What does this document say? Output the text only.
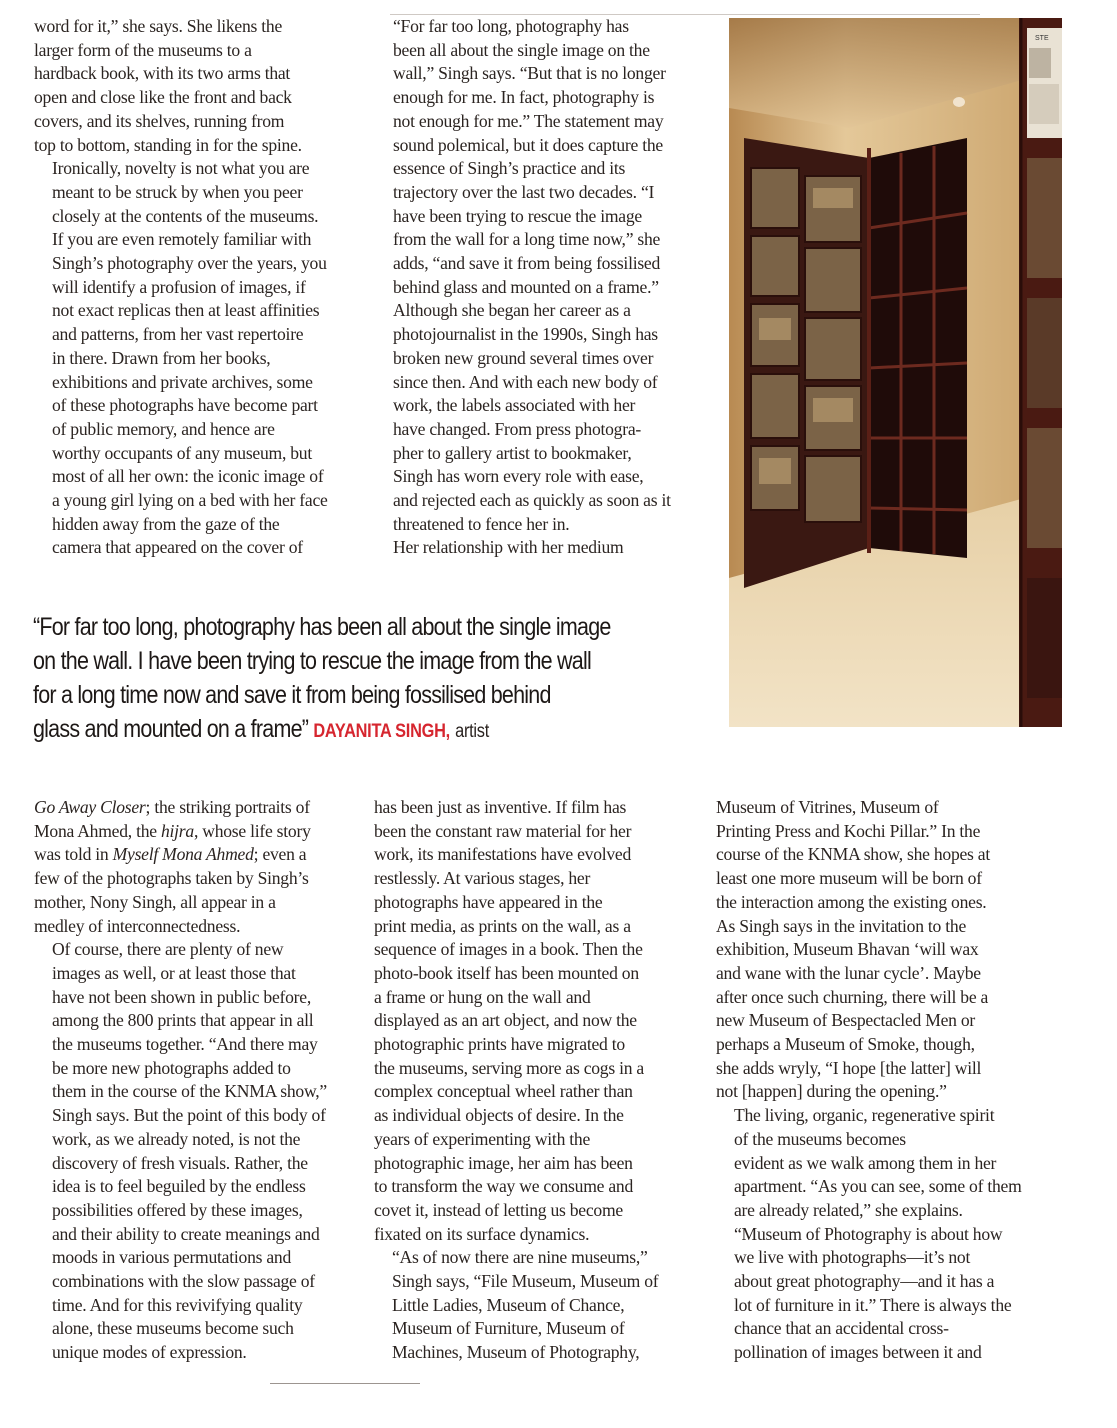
word for it,” she says. She likens the
larger form of the museums to a
hardback book, with its two arms that
open and close like the front and back
covers, and its shelves, running from
top to bottom, standing in for the spine.

Ironically, novelty is not what you are
meant to be struck by when you peer
closely at the contents of the museums.
If you are even remotely familiar with
Singh’s photography over the years, you
will identify a profusion of images, if
not exact replicas then at least affinities
and patterns, from her vast repertoire
in there. Drawn from her books,
exhibitions and private archives, some
of these photographs have become part
of public memory, and hence are
worthy occupants of any museum, but
most of all her own: the iconic image of
a young girl lying on a bed with her face
hidden away from the gaze of the
camera that appeared on the cover of

“For far too long, photography has
been all about the single image on the
wall,” Singh says. “But that is no longer
enough for me. In fact, photography is
not enough for me.” The statement may
sound polemical, but it does capture the
essence of Singh’s practice and its
trajectory over the last two decades. “I
have been trying to rescue the image
from the wall for a long time now,” she
adds, “and save it from being fossilised
behind glass and mounted on a frame.”

Although she began her career as a
photojournalist in the 1990s, Singh has
broken new ground several times over
since then. And with each new body of
work, the labels associated with her
have changed. From press photogra-
pher to gallery artist to bookmaker,
Singh has worn every role with ease,
and rejected each as quickly as soon as it
threatened to fence her in.

Her relationship with her medium

STE
“For far too long, photography has been all about the single image
on the wall. I have been trying to rescue the image from the wall
for a long time now and save it from being fossilised behind
glass and mounted on a frame” DAYANITA SINGH, artist

Go Away Closer; the striking portraits of
Mona Ahmed, the hijra, whose life story
was told in Myself Mona Ahmed; even a
few of the photographs taken by Singh’s
mother, Nony Singh, all appear in a
medley of interconnectedness.

Of course, there are plenty of new
images as well, or at least those that
have not been shown in public before,
among the 800 prints that appear in all
the museums together. “And there may
be more new photographs added to
them in the course of the KNMA show,”
Singh says. But the point of this body of
work, as we already noted, is not the
discovery of fresh visuals. Rather, the
idea is to feel beguiled by the endless
possibilities offered by these images,
and their ability to create meanings and
moods in various permutations and
combinations with the slow passage of
time. And for this revivifying quality
alone, these museums become such
unique modes of expression.

has been just as inventive. If film has
been the constant raw material for her
work, its manifestations have evolved
restlessly. At various stages, her
photographs have appeared in the
print media, as prints on the wall, as a
sequence of images in a book. Then the
photo-book itself has been mounted on
a frame or hung on the wall and
displayed as an art object, and now the
photographic prints have migrated to
the museums, serving more as cogs in a
complex conceptual wheel rather than
as individual objects of desire. In the
years of experimenting with the
photographic image, her aim has been
to transform the way we consume and
covet it, instead of letting us become
fixated on its surface dynamics.

“As of now there are nine museums,”
Singh says, “File Museum, Museum of
Little Ladies, Museum of Chance,
Museum of Furniture, Museum of
Machines, Museum of Photography,

Museum of Vitrines, Museum of
Printing Press and Kochi Pillar.” In the
course of the KNMA show, she hopes at
least one more museum will be born of
the interaction among the existing ones.
As Singh says in the invitation to the
exhibition, Museum Bhavan ‘will wax
and wane with the lunar cycle’. Maybe
after once such churning, there will be a
new Museum of Bespectacled Men or
perhaps a Museum of Smoke, though,
she adds wryly, “I hope [the latter] will
not [happen] during the opening.”

The living, organic, regenerative spirit
of the museums becomes
evident as we walk among them in her
apartment. “As you can see, some of them
are already related,” she explains.
“Museum of Photography is about how
we live with photographs—it’s not
about great photography—and it has a
lot of furniture in it.” There is always the
chance that an accidental cross-
pollination of images between it and
